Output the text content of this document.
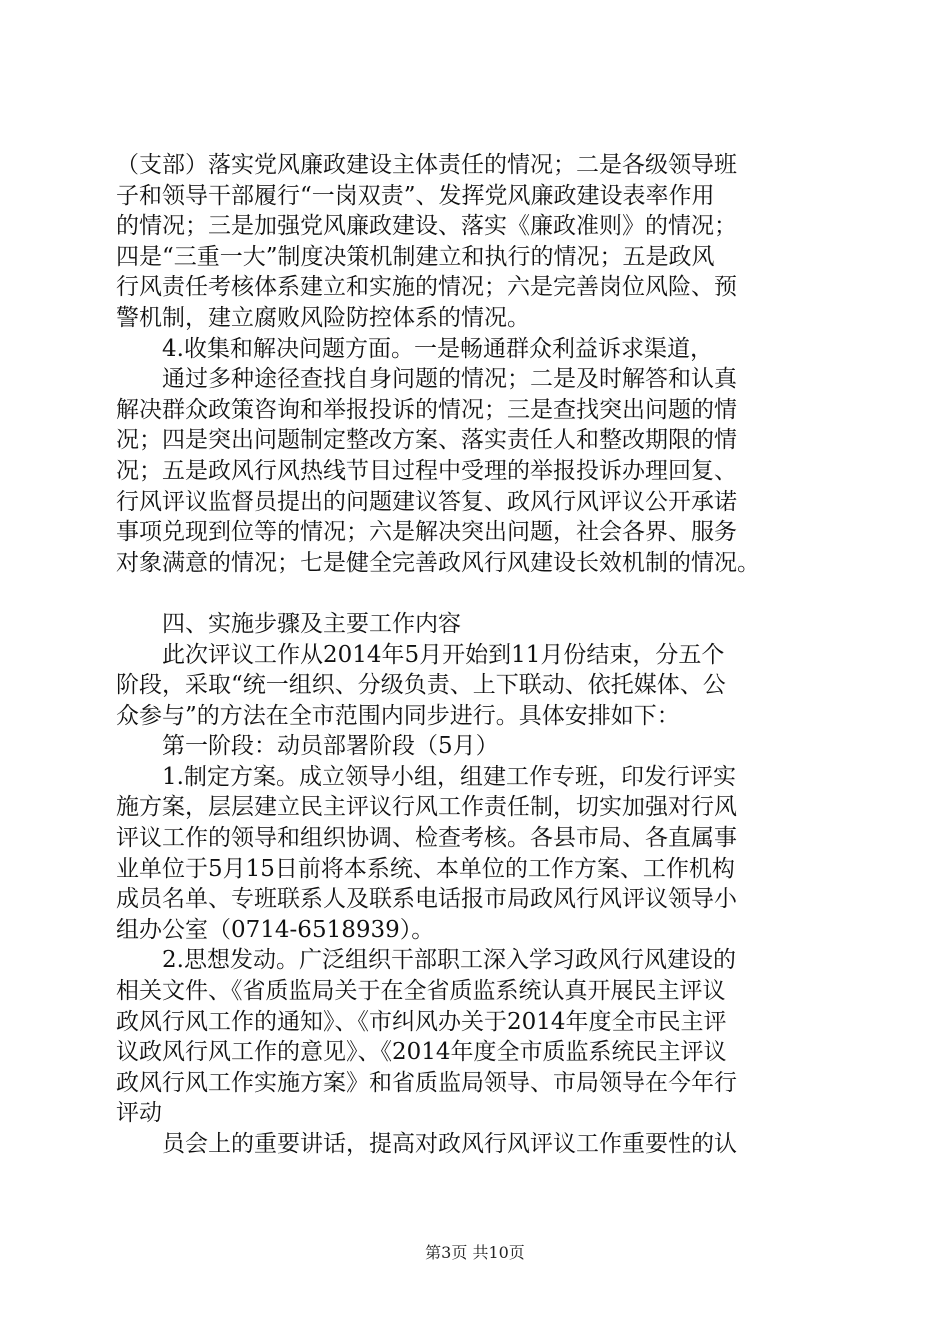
（支部）落实党风廉政建设主体责任的情况；二是各级领导班
子和领导干部履行“一岗双责”、发挥党风廉政建设表率作用
的情况；三是加强党风廉政建设、落实《廉政准则》的情况；
四是“三重一大”制度决策机制建立和执行的情况；五是政风
行风责任考核体系建立和实施的情况；六是完善岗位风险、预
警机制，建立腐败风险防控体系的情况。
　　4.收集和解决问题方面。一是畅通群众利益诉求渠道，
　　通过多种途径查找自身问题的情况；二是及时解答和认真
解决群众政策咨询和举报投诉的情况；三是查找突出问题的情
况；四是突出问题制定整改方案、落实责任人和整改期限的情
况；五是政风行风热线节目过程中受理的举报投诉办理回复、
行风评议监督员提出的问题建议答复、政风行风评议公开承诺
事项兑现到位等的情况；六是解决突出问题，社会各界、服务
对象满意的情况；七是健全完善政风行风建设长效机制的情况。
　　四、实施步骤及主要工作内容
　　此次评议工作从2014年5月开始到11月份结束，分五个
阶段，采取“统一组织、分级负责、上下联动、依托媒体、公
众参与”的方法在全市范围内同步进行。具体安排如下：
　　第一阶段：动员部署阶段（5月）
　　1.制定方案。成立领导小组，组建工作专班，印发行评实
施方案，层层建立民主评议行风工作责任制，切实加强对行风
评议工作的领导和组织协调、检查考核。各县市局、各直属事
业单位于5月15日前将本系统、本单位的工作方案、工作机构
成员名单、专班联系人及联系电话报市局政风行风评议领导小
组办公室（0714-6518939）。
　　2.思想发动。广泛组织干部职工深入学习政风行风建设的
相关文件、《省质监局关于在全省质监系统认真开展民主评议
政风行风工作的通知》、《市纠风办关于2014年度全市民主评
议政风行风工作的意见》、《2014年度全市质监系统民主评议
政风行风工作实施方案》和省质监局领导、市局领导在今年行
评动
　　员会上的重要讲话，提高对政风行风评议工作重要性的认
第3页 共10页
